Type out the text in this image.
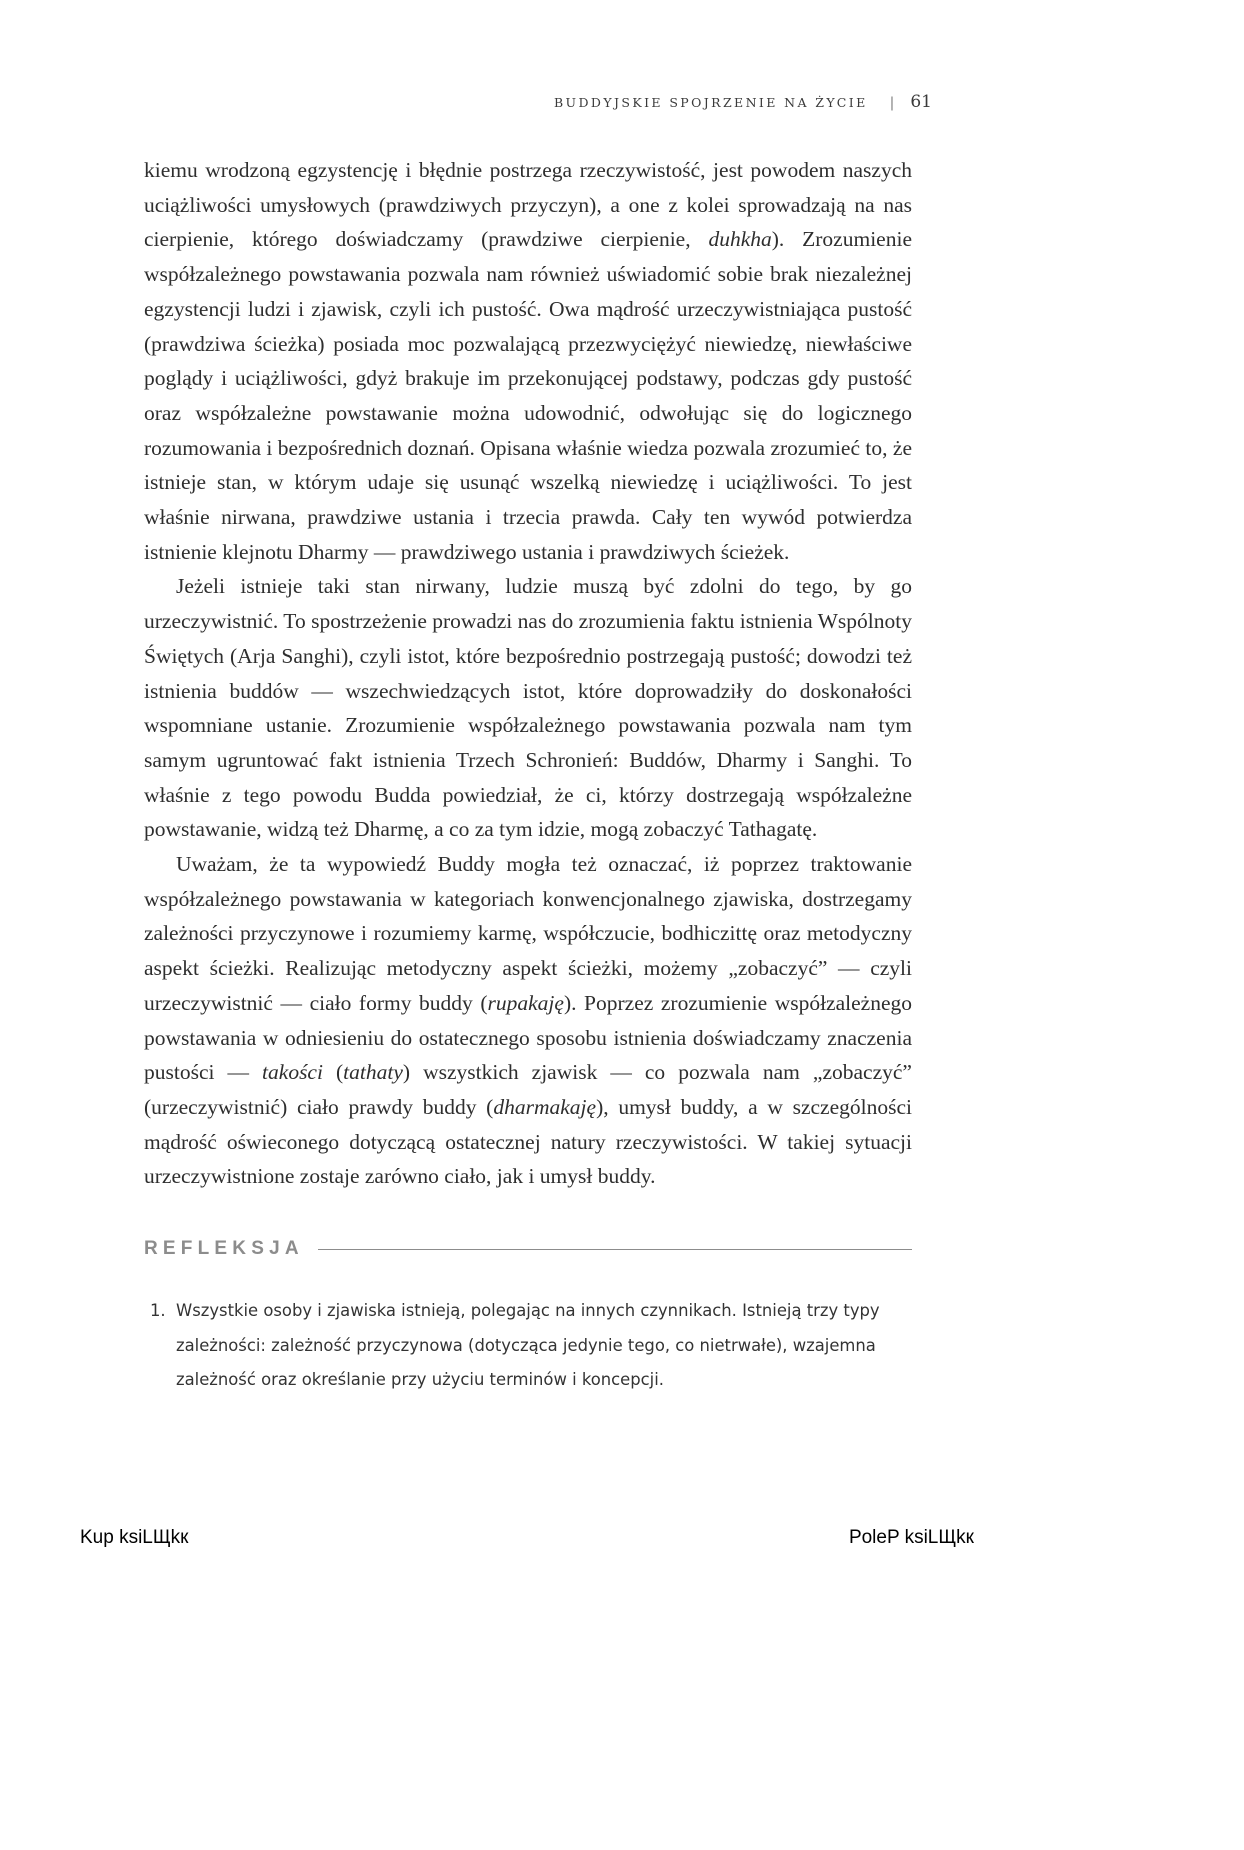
BUDDYJSKIE SPOJRZENIE NA ŻYCIE | 61

kiemu wrodzoną egzystencję i błędnie postrzega rzeczywistość, jest powodem naszych uciążliwości umysłowych (prawdziwych przyczyn), a one z kolei sprowadzają na nas cierpienie, którego doświadczamy (prawdziwe cierpienie, duhkha). Zrozumienie współzależnego powstawania pozwala nam również uświadomić sobie brak niezależnej egzystencji ludzi i zjawisk, czyli ich pustość. Owa mądrość urzeczywistniająca pustość (prawdziwa ścieżka) posiada moc pozwalającą przezwyciężyć niewiedzę, niewłaściwe poglądy i uciążliwości, gdyż brakuje im przekonującej podstawy, podczas gdy pustość oraz współzależne powstawanie można udowodnić, odwołując się do logicznego rozumowania i bezpośrednich doznań. Opisana właśnie wiedza pozwala zrozumieć to, że istnieje stan, w którym udaje się usunąć wszelką niewiedzę i uciążliwości. To jest właśnie nirwana, prawdziwe ustania i trzecia prawda. Cały ten wywód potwierdza istnienie klejnotu Dharmy — prawdziwego ustania i prawdziwych ścieżek.

Jeżeli istnieje taki stan nirwany, ludzie muszą być zdolni do tego, by go urzeczywistnić. To spostrzeżenie prowadzi nas do zrozumienia faktu istnienia Wspólnoty Świętych (Arja Sanghi), czyli istot, które bezpośrednio postrzegają pustość; dowodzi też istnienia buddów — wszechwiedzących istot, które doprowadziły do doskonałości wspomniane ustanie. Zrozumienie współzależnego powstawania pozwala nam tym samym ugruntować fakt istnienia Trzech Schronień: Buddów, Dharmy i Sanghi. To właśnie z tego powodu Budda powiedział, że ci, którzy dostrzegają współzależne powstawanie, widzą też Dharmę, a co za tym idzie, mogą zobaczyć Tathagatę.

Uważam, że ta wypowiedź Buddy mogła też oznaczać, iż poprzez traktowanie współzależnego powstawania w kategoriach konwencjonalnego zjawiska, dostrzegamy zależności przyczynowe i rozumiemy karmę, współczucie, bodhiczittę oraz metodyczny aspekt ścieżki. Realizując metodyczny aspekt ścieżki, możemy „zobaczyć” — czyli urzeczywistnić — ciało formy buddy (rupakaję). Poprzez zrozumienie współzależnego powstawania w odniesieniu do ostatecznego sposobu istnienia doświadczamy znaczenia pustości — takości (tathaty) wszystkich zjawisk — co pozwala nam „zobaczyć” (urzeczywistnić) ciało prawdy buddy (dharmakaję), umysł buddy, a w szczególności mądrość oświeconego dotyczącą ostatecznej natury rzeczywistości. W takiej sytuacji urzeczywistnione zostaje zarówno ciało, jak i umysł buddy.

REFLEKSJA
1. Wszystkie osoby i zjawiska istnieją, polegając na innych czynnikach. Istnieją trzy typy zależności: zależność przyczynowa (dotycząca jedynie tego, co nietrwałe), wzajemna zależność oraz określanie przy użyciu terminów i koncepcji.
Kup ksiLЩkк	PoleP ksiLЩkк
